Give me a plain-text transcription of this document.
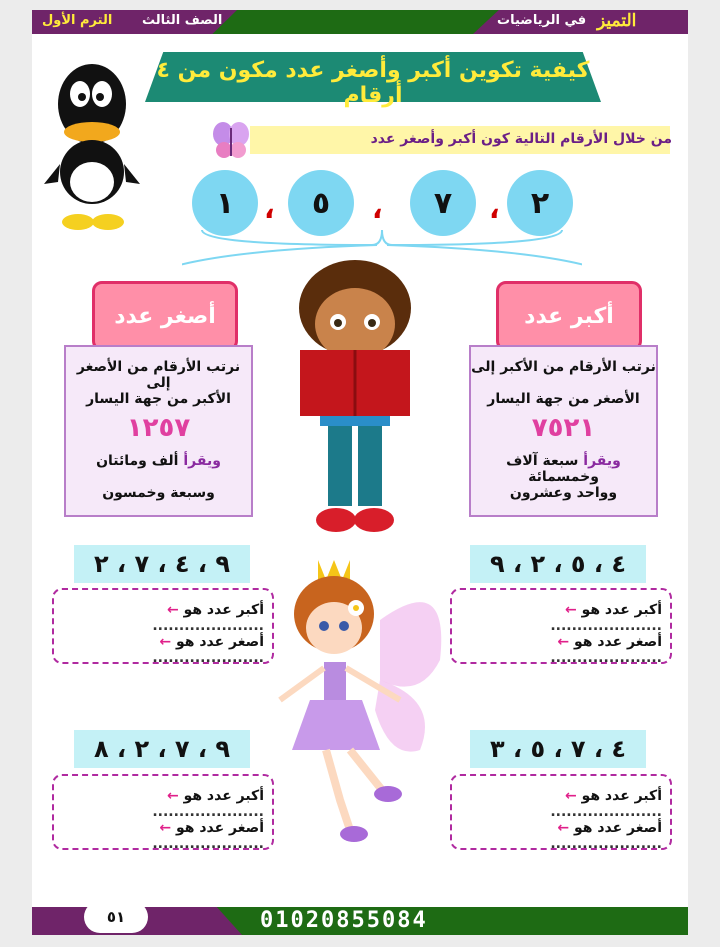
الترم الأول الصف الثالث	في الرياضيات التميز
كيفية تكوين أكبر وأصغر عدد مكون من ٤ أرقام
من خلال الأرقام التالية كون أكبر وأصغر عدد
٢
،
٧
،
٥
،
١
أكبر عدد
أصغر عدد
نرتب الأرقام من الأكبر إلى
الأصغر من جهة اليسار
٧٥٢١
ويقرأ سبعة آلاف وخمسمائة
وواحد وعشرون
نرتب الأرقام من الأصغر إلى
الأكبر من جهة اليسار
١٢٥٧
ويقرأ ألف ومائتان
وسبعة وخمسون
٤ ، ٥ ، ٢ ، ٩
أكبر عدد هو ← .....................
أصغر عدد هو ← .....................
٩ ، ٤ ، ٧ ، ٢
أكبر عدد هو ← .....................
أصغر عدد هو ← .....................
٤ ، ٧ ، ٥ ، ٣
أكبر عدد هو ← .....................
أصغر عدد هو ← .....................
٩ ، ٧ ، ٢ ، ٨
أكبر عدد هو ← .....................
أصغر عدد هو ← .....................
٥١	01020855084
